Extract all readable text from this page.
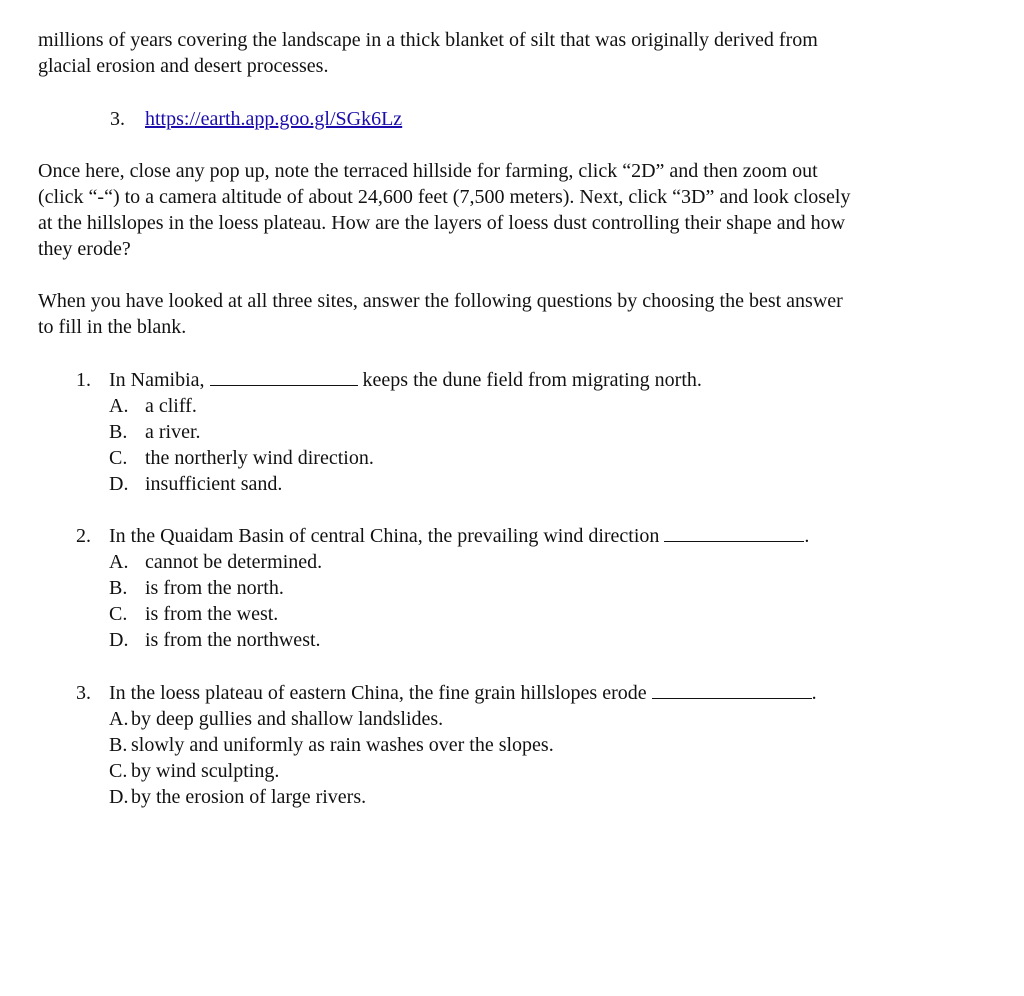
millions of years covering the landscape in a thick blanket of silt that was originally derived from
glacial erosion and desert processes.
3. https://earth.app.goo.gl/SGk6Lz
Once here, close any pop up, note the terraced hillside for farming, click “2D” and then zoom out
(click “-“) to a camera altitude of about 24,600 feet (7,500 meters). Next, click “3D” and look closely
at the hillslopes in the loess plateau. How are the layers of loess dust controlling their shape and how
they erode?
When you have looked at all three sites, answer the following questions by choosing the best answer
to fill in the blank.
1. In Namibia,	keeps the dune field from migrating north.
A. a cliff.
B. a river.
C. the northerly wind direction.
D. insufficient sand.
2. In the Quaidam Basin of central China, the prevailing wind direction	.
A. cannot be determined.
B. is from the north.
C. is from the west.
D. is from the northwest.
3. In the loess plateau of eastern China, the fine grain hillslopes erode	.
A. by deep gullies and shallow landslides.
B. slowly and uniformly as rain washes over the slopes.
C. by wind sculpting.
D. by the erosion of large rivers.
